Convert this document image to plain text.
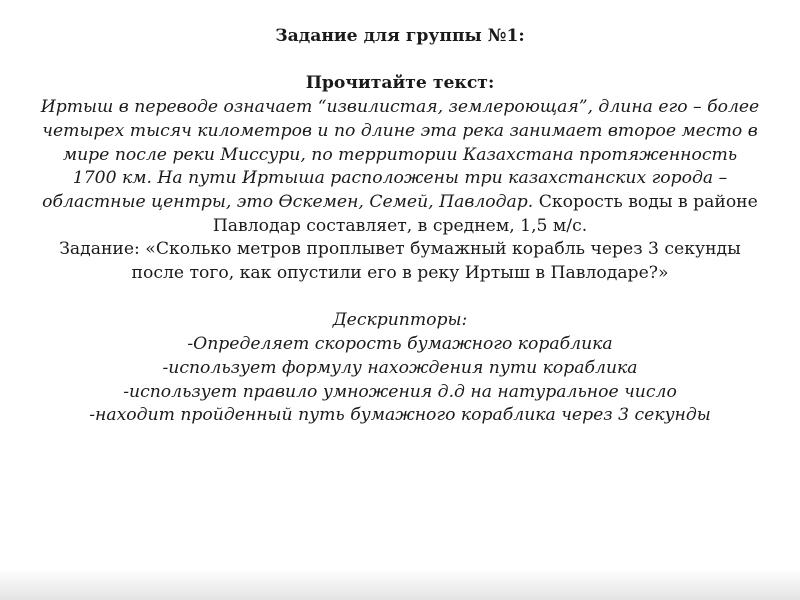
Задание для группы №1:

Прочитайте текст:

Иртыш в переводе означает “извилистая, землероющая”, длина его – более четырех тысяч километров и по длине эта река занимает второе место в мире после реки Миссури, по территории Казахстана протяженность 1700 км. На пути Иртыша расположены три казахстанских города – областные центры, это Өскемен, Семей, Павлодар. Скорость воды в районе Павлодар составляет, в среднем, 1,5 м/с.

Задание: «Сколько метров проплывет бумажный корабль через 3 секунды после того, как опустили его в реку Иртыш в Павлодаре?»

Дескрипторы:

-Определяет скорость бумажного кораблика

-использует формулу нахождения пути кораблика

-использует правило умножения д.д на натуральное число

-находит пройденный путь бумажного кораблика через 3 секунды
